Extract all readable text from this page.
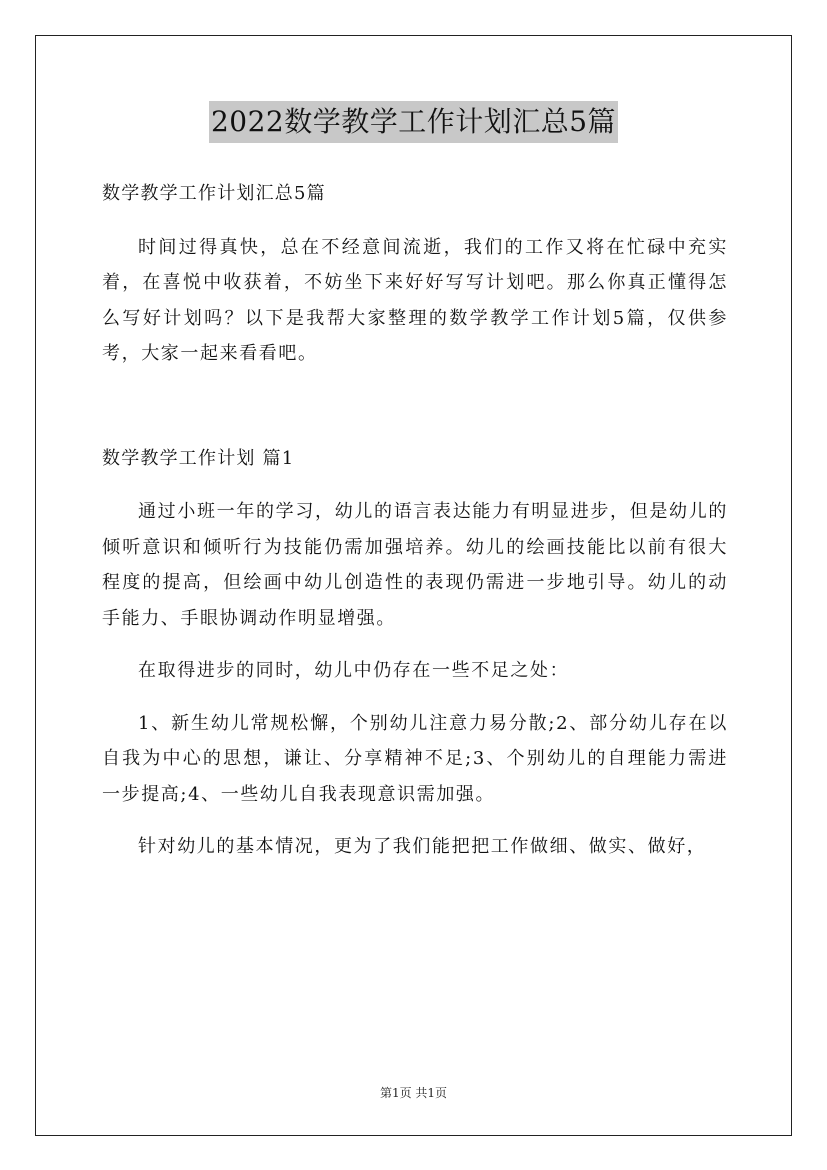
2022数学教学工作计划汇总5篇

数学教学工作计划汇总5篇

时间过得真快，总在不经意间流逝，我们的工作又将在忙碌中充实着，在喜悦中收获着，不妨坐下来好好写写计划吧。那么你真正懂得怎么写好计划吗？以下是我帮大家整理的数学教学工作计划5篇，仅供参考，大家一起来看看吧。

数学教学工作计划 篇1

通过小班一年的学习，幼儿的语言表达能力有明显进步，但是幼儿的倾听意识和倾听行为技能仍需加强培养。幼儿的绘画技能比以前有很大程度的提高，但绘画中幼儿创造性的表现仍需进一步地引导。幼儿的动手能力、手眼协调动作明显增强。

在取得进步的同时，幼儿中仍存在一些不足之处：

1、新生幼儿常规松懈，个别幼儿注意力易分散;2、部分幼儿存在以自我为中心的思想，谦让、分享精神不足;3、个别幼儿的自理能力需进一步提高;4、一些幼儿自我表现意识需加强。

针对幼儿的基本情况，更为了我们能把把工作做细、做实、做好，

第1页 共1页
